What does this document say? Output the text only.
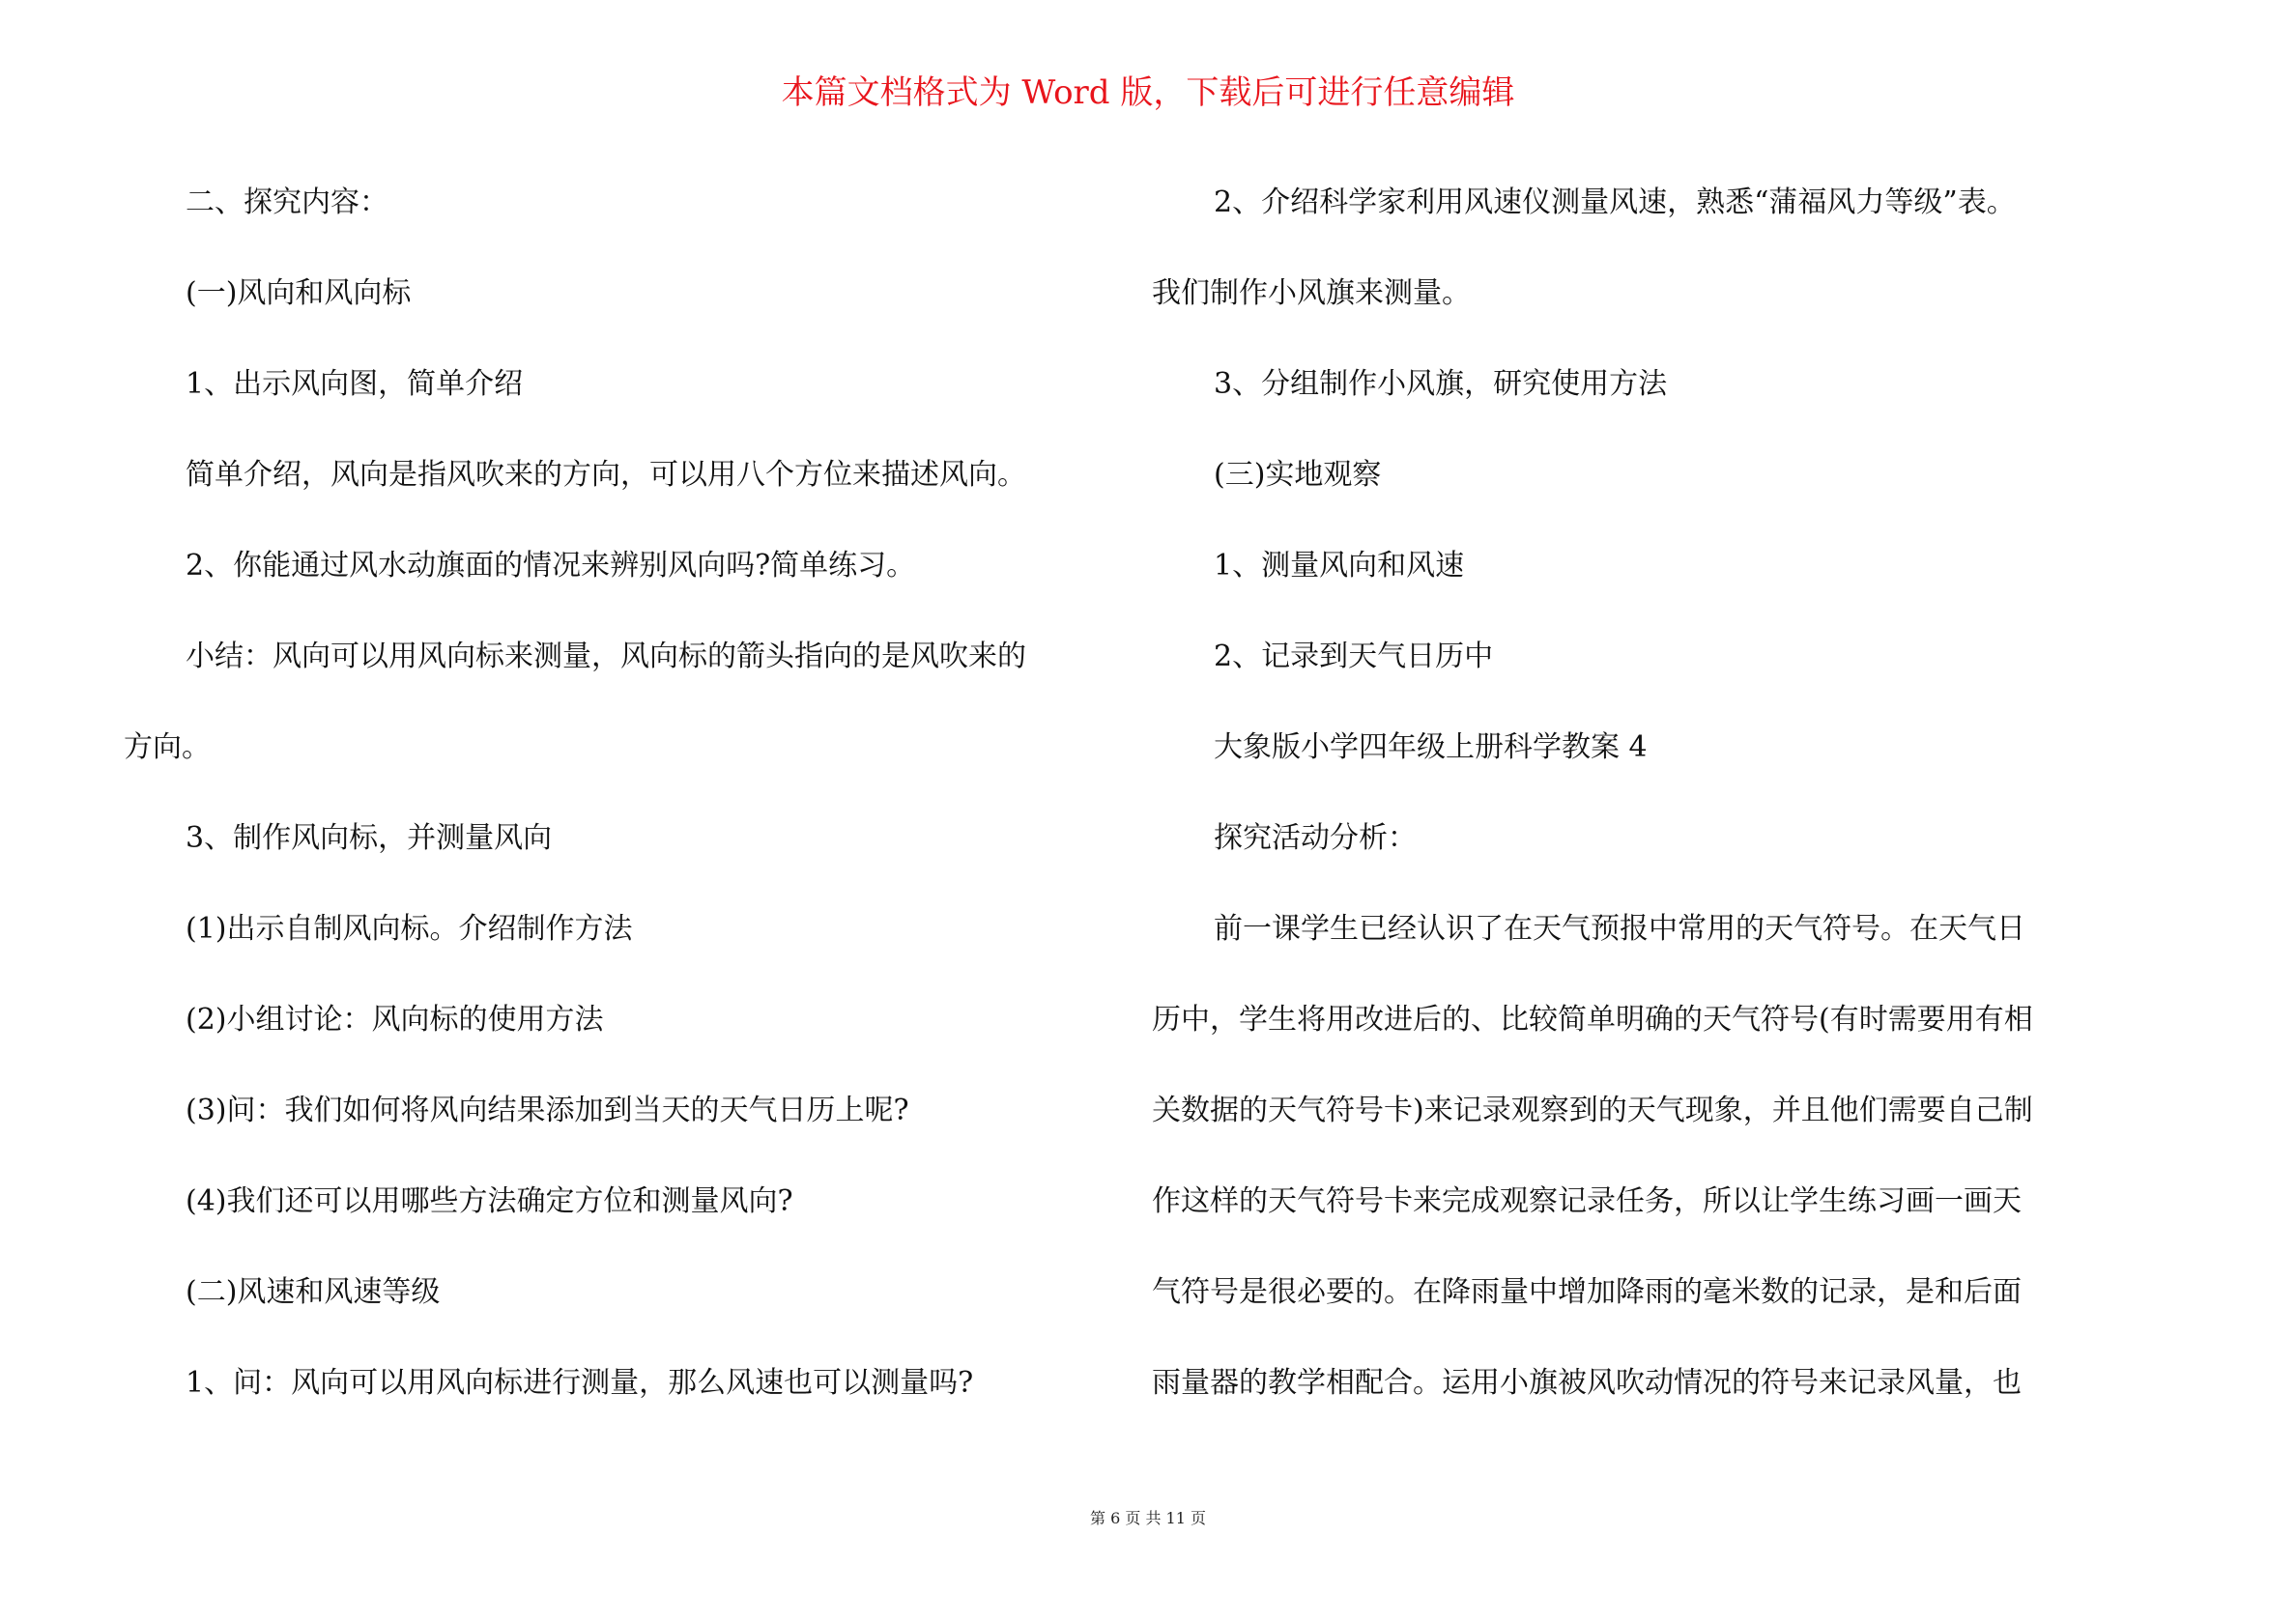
本篇文档格式为 Word 版，下载后可进行任意编辑
二、探究内容：
(一)风向和风向标
1、出示风向图，简单介绍
简单介绍，风向是指风吹来的方向，可以用八个方位来描述风向。
2、你能通过风水动旗面的情况来辨别风向吗?简单练习。
小结：风向可以用风向标来测量，风向标的箭头指向的是风吹来的
方向。
3、制作风向标，并测量风向
(1)出示自制风向标。介绍制作方法
(2)小组讨论：风向标的使用方法
(3)问：我们如何将风向结果添加到当天的天气日历上呢?
(4)我们还可以用哪些方法确定方位和测量风向?
(二)风速和风速等级
1、问：风向可以用风向标进行测量，那么风速也可以测量吗?
2、介绍科学家利用风速仪测量风速，熟悉“蒲福风力等级”表。
我们制作小风旗来测量。
3、分组制作小风旗，研究使用方法
(三)实地观察
1、测量风向和风速
2、记录到天气日历中
大象版小学四年级上册科学教案 4
探究活动分析：
前一课学生已经认识了在天气预报中常用的天气符号。在天气日
历中，学生将用改进后的、比较简单明确的天气符号(有时需要用有相
关数据的天气符号卡)来记录观察到的天气现象，并且他们需要自己制
作这样的天气符号卡来完成观察记录任务，所以让学生练习画一画天
气符号是很必要的。在降雨量中增加降雨的毫米数的记录，是和后面
雨量器的教学相配合。运用小旗被风吹动情况的符号来记录风量，也
第 6 页 共 11 页
